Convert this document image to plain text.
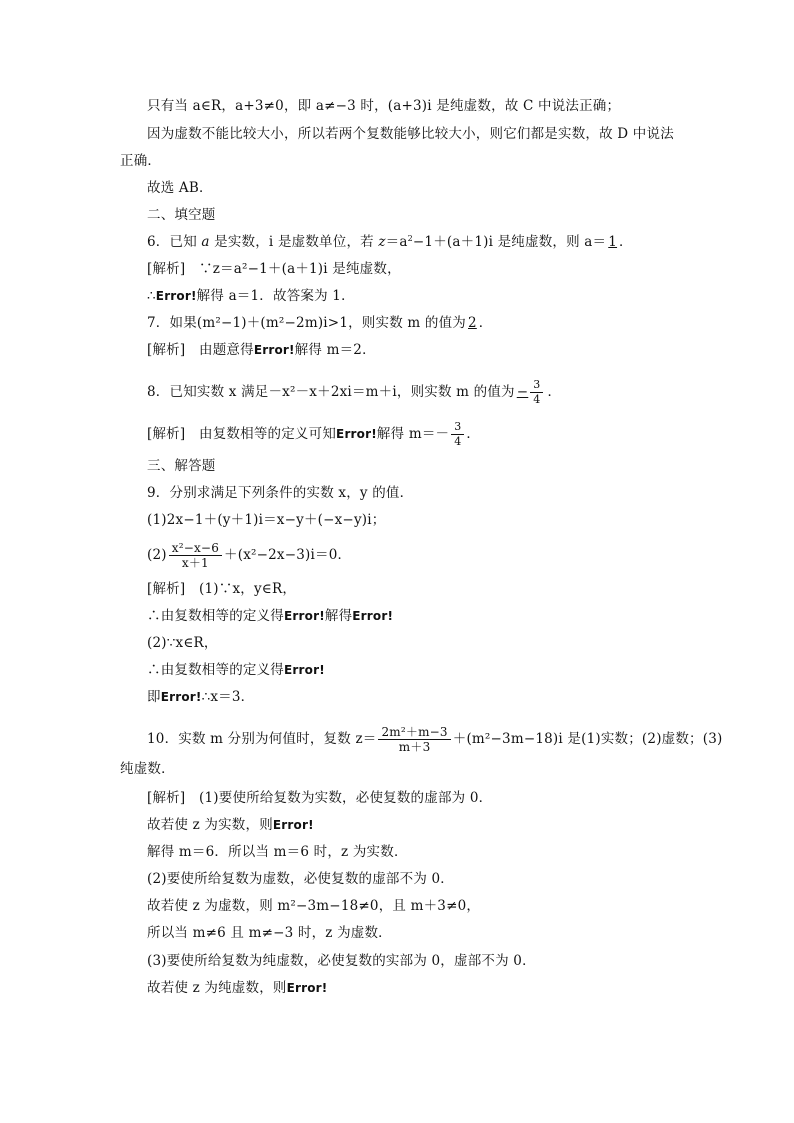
只有当 a∈R，a+3≠0，即 a≠−3 时，(a+3)i 是纯虚数，故 C 中说法正确；
因为虚数不能比较大小，所以若两个复数能够比较大小，则它们都是实数，故 D 中说法
正确．
故选 AB．
二、填空题
6．已知 a 是实数，i 是虚数单位，若 $z=a^2-1+(a+1)i$ 是纯虚数，则 a＝ 1 ．
[解析]　∵z＝a²−1＋(a＋1)i 是纯虚数，
∴Error!解得 a＝1．故答案为 1．
7．如果(m²−1)＋(m²−2m)i>1，则实数 m 的值为 2 ．
[解析]　由题意得Error!解得 m＝2．
8．已知实数 x 满足－x²－x＋2xi＝m＋i，则实数 m 的值为 − $\frac{3}{4}$ ．
[解析]　由复数相等的定义可知Error!解得 $m=- \frac{3}{4}$ ．
三、解答题
9．分别求满足下列条件的实数 x，y 的值．
(1)2x−1＋(y＋1)i＝x−y＋(−x−y)i；
$(2) \frac{\text{x²−x−6}}{x+1} +(x^2-2x-3)i=0$．
[解析]　(1)∵x，y∈R，
∴由复数相等的定义得Error!解得Error!
(2)∵x∈R，
∴由复数相等的定义得Error!
即Error!∴x＝3．
10．实数 m 分别为何值时，复数 $z= \frac{\text{2m²＋m−3}}{m+3} +(m^2-3m-18)i$ 是(1)实数；(2)虚数；(3)
纯虚数．
[解析]　(1)要使所给复数为实数，必使复数的虚部为 0．
故若使 z 为实数，则Error!
解得 m＝6．所以当 m＝6 时，z 为实数．
(2)要使所给复数为虚数，必使复数的虚部不为 0．
故若使 z 为虚数，则 m²−3m−18≠0，且 m＋3≠0，
所以当 m≠6 且 m≠−3 时，z 为虚数．
(3)要使所给复数为纯虚数，必使复数的实部为 0，虚部不为 0．
故若使 z 为纯虚数，则Error!
